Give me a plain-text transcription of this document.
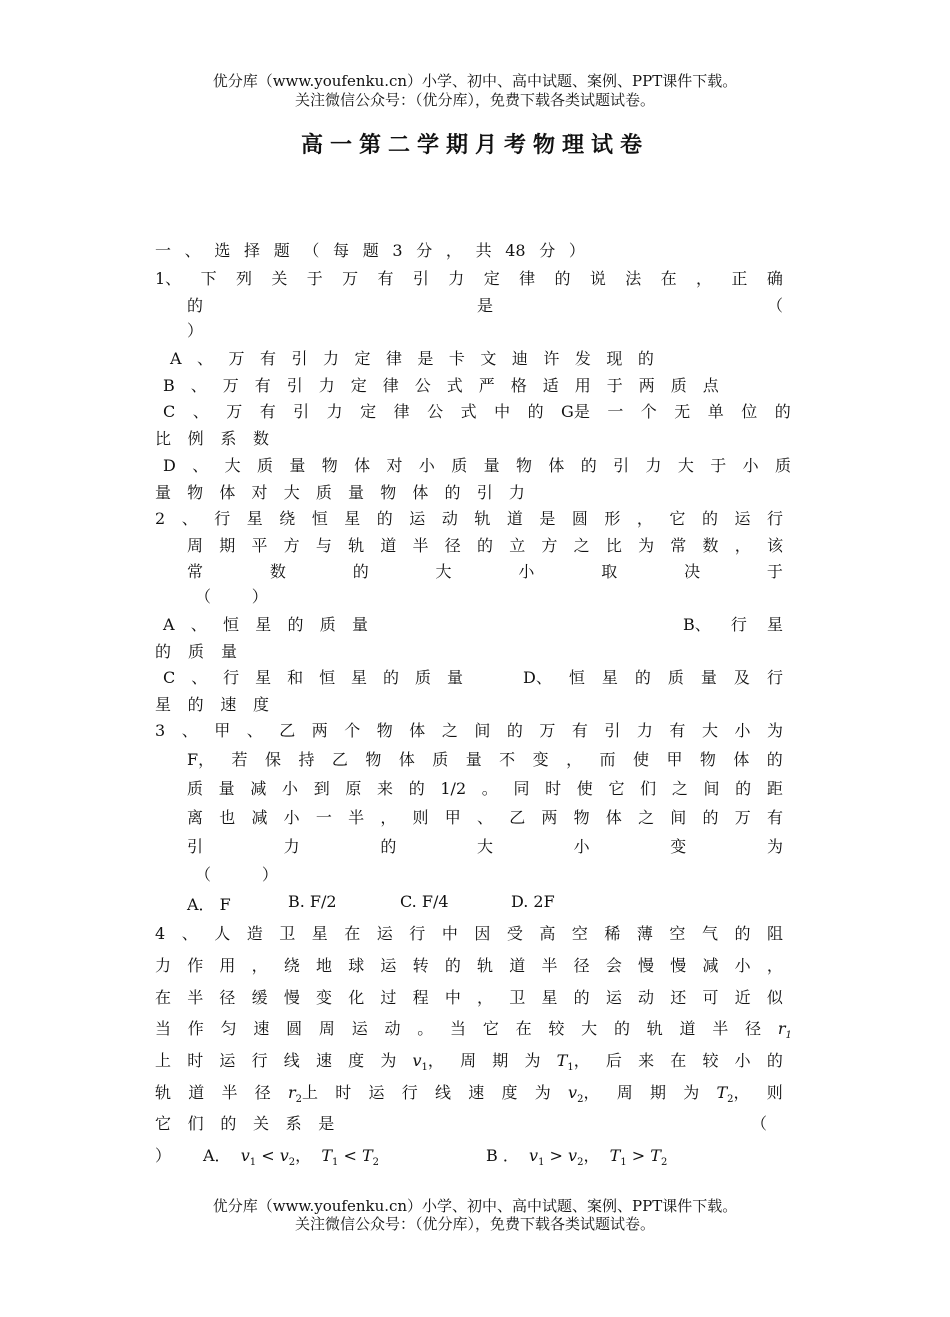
优分库（www.youfenku.cn）小学、初中、高中试题、案例、PPT课件下载。
关注微信公众号：（优分库），免费下载各类试题试卷。
高一第二学期月考物理试卷
一 、 选 择 题 （ 每 题 3 分 ， 共 48 分 ）
1、 下 列 关 于 万 有 引 力 定 律 的 说 法 在 ， 正 确
的	是	（
）
A 、 万 有 引 力 定 律 是 卡 文 迪 许 发 现 的
B 、 万 有 引 力 定 律 公 式 严 格 适 用 于 两 质 点
C 、 万 有 引 力 定 律 公 式 中 的 G是 一 个 无 单 位 的
比 例 系 数
D 、 大 质 量 物 体 对 小 质 量 物 体 的 引 力 大 于 小 质
量 物 体 对 大 质 量 物 体 的 引 力
2 、 行 星 绕 恒 星 的 运 动 轨 道 是 圆 形 ， 它 的 运 行
周 期 平 方 与 轨 道 半 径 的 立 方 之 比 为 常 数 ， 该
常	数	的	大	小	取	决	于
（        ）
A 、 恒 星 的 质 量	B、 行 星
的 质 量
C 、 行 星 和 恒 星 的 质 量	D、 恒 星 的 质 量 及 行
星 的 速 度
3 、 甲 、 乙 两 个 物 体 之 间 的 万 有 引 力 有 大 小 为
F， 若 保 持 乙 物 体 质 量 不 变 ， 而 使 甲 物 体 的
质 量 减 小 到 原 来 的 1/2 。 同 时 使 它 们 之 间 的 距
离 也 减 小 一 半 ， 则 甲 、 乙 两 物 体 之 间 的 万 有
引	力	的	大	小	变	为
（          ）
A． F	B. F/2	C. F/4	D. 2F
4 、 人 造 卫 星 在 运 行 中 因 受 高 空 稀 薄 空 气 的 阻
力 作 用 ， 绕 地 球 运 转 的 轨 道 半 径 会 慢 慢 减 小 ，
在 半 径 缓 慢 变 化 过 程 中 ， 卫 星 的 运 动 还 可 近 似
当 作 匀 速 圆 周 运 动 。 当 它 在 较 大 的 轨 道 半 径 $r_1$
上 时 运 行 线 速 度 为 $v_1$， 周 期 为 $T_1$， 后 来 在 较 小 的
轨 道 半 径 $r_2$上 时 运 行 线 速 度 为 $v_2$， 周 期 为 $T_2$， 则
它 们 的 关 系 是	（
） A．  $v_1 < v_2$，  $T_1 < T_2$	B ．  $v_1 > v_2$，  $T_1 > T_2$
优分库（www.youfenku.cn）小学、初中、高中试题、案例、PPT课件下载。
关注微信公众号：（优分库），免费下载各类试题试卷。
